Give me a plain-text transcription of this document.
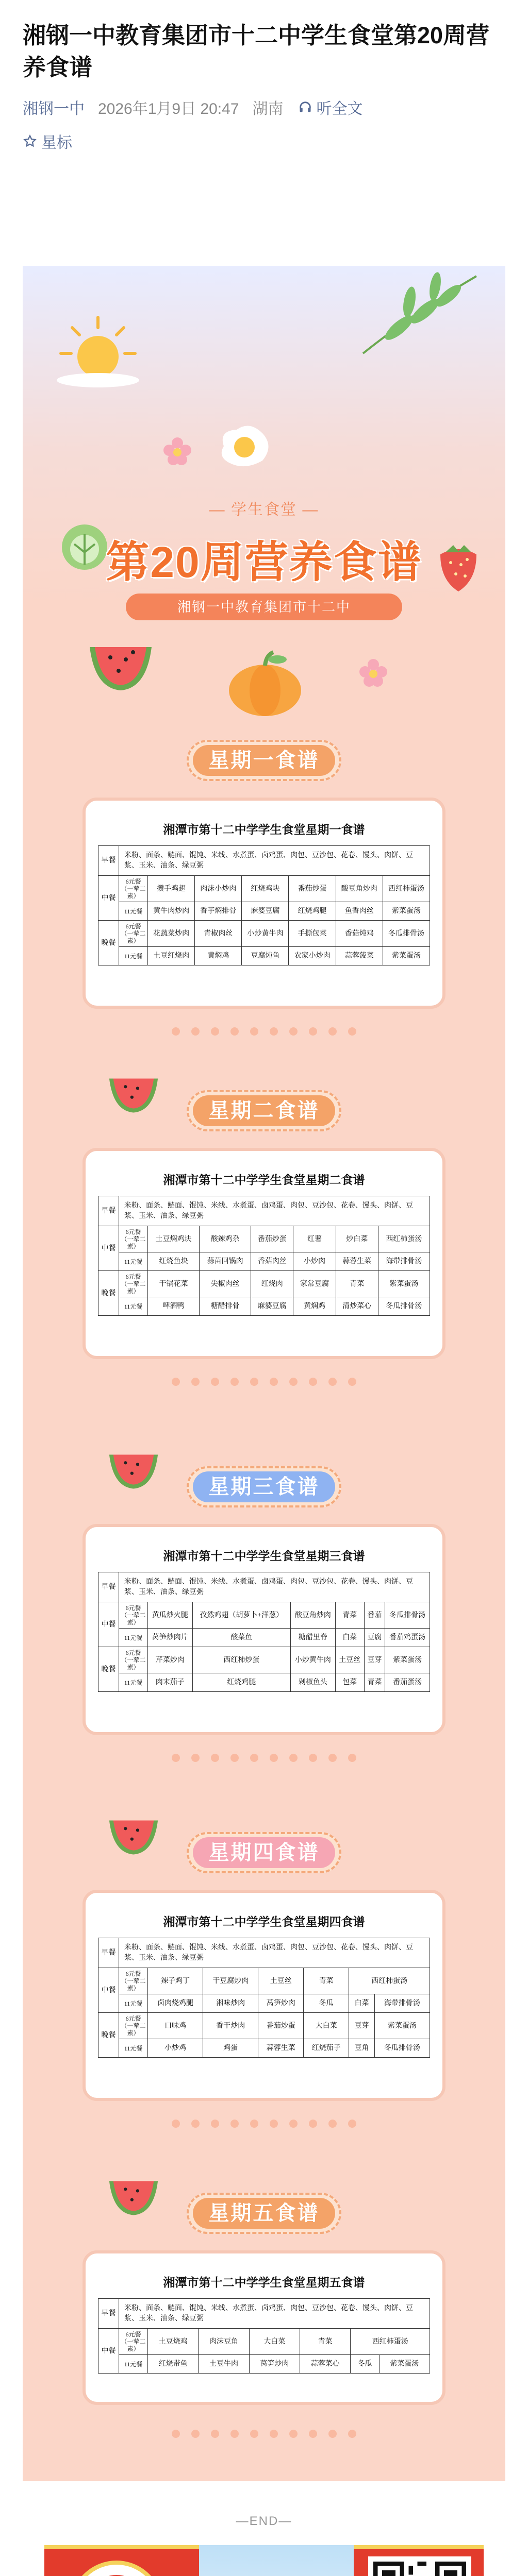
湘钢一中教育集团市十二中学生食堂第20周营养食谱
湘钢一中 2026年1月9日 20:47 湖南 听全文
星标
— 学生食堂 —
第20周营养食谱
湘钢一中教育集团市十二中
星期一食谱
湘潭市第十二中学学生食堂星期一食谱
早餐	米粉、面条、鲢面、馄饨、米线、水煮蛋、卤鸡蛋、肉包、豆沙包、花卷、馒头、肉饼、豆浆、玉米、油条、绿豆粥						
中餐	6元餐（一荤二素）	攒手鸡翅	肉沫小炒肉	红烧鸡块	番茄炒蛋	酸豆角炒肉	西红柿蛋汤
	11元餐	黄牛肉炒肉	香芋焖排骨	麻婆豆腐	红烧鸡腿	鱼香肉丝	紫菜蛋汤
晚餐	6元餐（一荤二素）	花蔬菜炒肉	青椒肉丝	小炒黄牛肉	手撕包菜	香菇炖鸡	冬瓜排骨汤
	11元餐	土豆红烧肉	黄焖鸡	豆腐炖鱼	农家小炒肉	蒜蓉菠菜	紫菜蛋汤
星期二食谱
湘潭市第十二中学学生食堂星期二食谱
早餐	米粉、面条、鲢面、馄饨、米线、水煮蛋、卤鸡蛋、肉包、豆沙包、花卷、馒头、肉饼、豆浆、玉米、油条、绿豆粥						
中餐	6元餐（一荤二素）	土豆焖鸡块	酸辣鸡杂	番茄炒蛋	红薯	炒白菜	西红柿蛋汤
	11元餐	红烧鱼块	蒜苗回锅肉	香菇肉丝	小炒肉	蒜蓉生菜	海带排骨汤
晚餐	6元餐（一荤二素）	干锅花菜	尖椒肉丝	红烧肉	家常豆腐	青菜	紫菜蛋汤
	11元餐	啤酒鸭	糖醋排骨	麻婆豆腐	黄焖鸡	清炒菜心	冬瓜排骨汤
星期三食谱
湘潭市第十二中学学生食堂星期三食谱
早餐	米粉、面条、鲢面、馄饨、米线、水煮蛋、卤鸡蛋、肉包、豆沙包、花卷、馒头、肉饼、豆浆、玉米、油条、绿豆粥						
中餐	6元餐（一荤二素）	黄瓜炒火腿	孜然鸡翅（胡萝卜+洋葱）	酸豆角炒肉	青菜	番茄	冬瓜排骨汤
	11元餐	莴笋炒肉片	酸菜鱼	糖醋里脊	白菜	豆腐	番茄鸡蛋汤
晚餐	6元餐（一荤二素）	芹菜炒肉	西红柿炒蛋	小炒黄牛肉	土豆丝	豆芽	紫菜蛋汤
	11元餐	肉末茄子	红烧鸡腿	剁椒鱼头	包菜	青菜	番茄蛋汤
星期四食谱
湘潭市第十二中学学生食堂星期四食谱
早餐	米粉、面条、鲢面、馄饨、米线、水煮蛋、卤鸡蛋、肉包、豆沙包、花卷、馒头、肉饼、豆浆、玉米、油条、绿豆粥						
中餐	6元餐（一荤二素）	辣子鸡丁	干豆腐炒肉	土豆丝	青菜	西红柿蛋汤	
	11元餐	卤肉烧鸡腿	湘味炒肉	莴笋炒肉	冬瓜	白菜	海带排骨汤
晚餐	6元餐（一荤二素）	口味鸡	香干炒肉	番茄炒蛋	大白菜	豆芽	紫菜蛋汤
	11元餐	小炒鸡	鸡蛋	蒜蓉生菜	红烧茄子	豆角	冬瓜排骨汤
星期五食谱
湘潭市第十二中学学生食堂星期五食谱
早餐	米粉、面条、鲢面、馄饨、米线、水煮蛋、卤鸡蛋、肉包、豆沙包、花卷、馒头、肉饼、豆浆、玉米、油条、绿豆粥						
中餐	6元餐（一荤二素）	土豆烧鸡	肉沫豆角	大白菜	青菜	西红柿蛋汤	
	11元餐	红烧带鱼	土豆牛肉	莴笋炒肉	蒜蓉菜心	冬瓜	紫菜蛋汤
—END—
